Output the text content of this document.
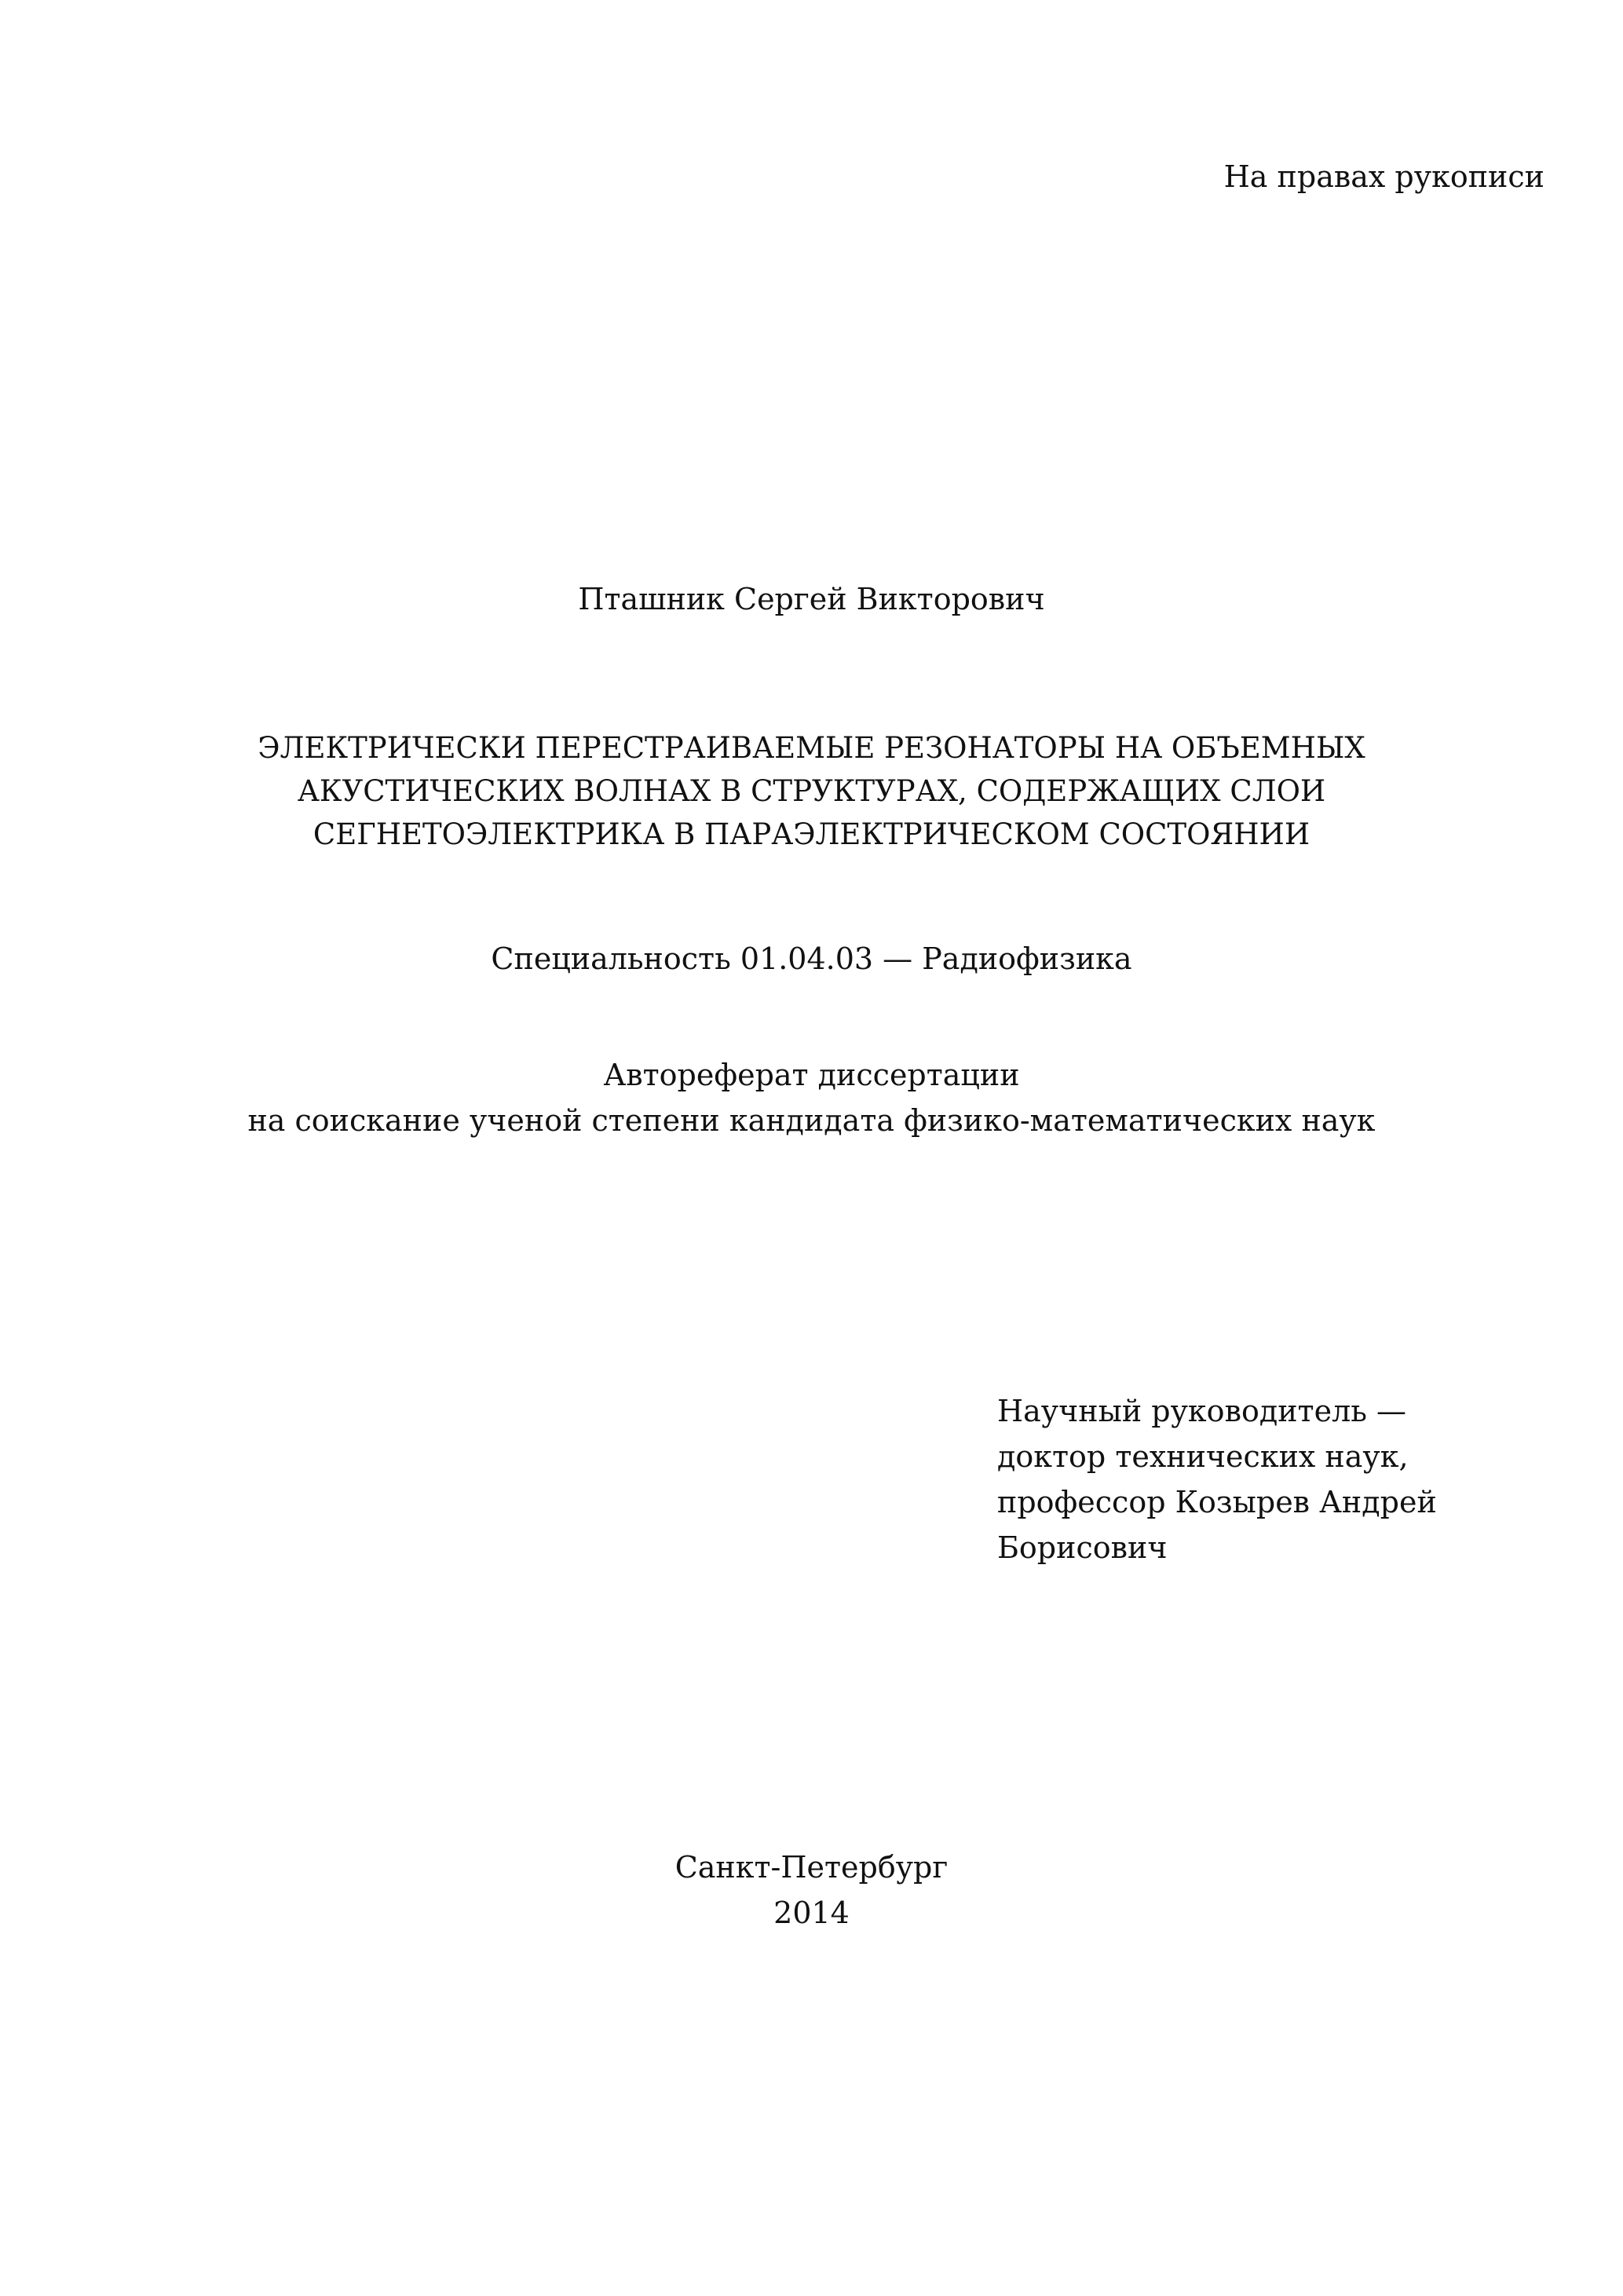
На правах рукописи
Пташник Сергей Викторович
ЭЛЕКТРИЧЕСКИ ПЕРЕСТРАИВАЕМЫЕ РЕЗОНАТОРЫ НА ОБЪЕМНЫХ
АКУСТИЧЕСКИХ ВОЛНАХ В СТРУКТУРАХ, СОДЕРЖАЩИХ СЛОИ
СЕГНЕТОЭЛЕКТРИКА В ПАРАЭЛЕКТРИЧЕСКОМ СОСТОЯНИИ
Специальность 01.04.03 — Радиофизика
Автореферат диссертации
на соискание ученой степени кандидата физико-математических наук
Научный руководитель —
доктор технических наук,
профессор Козырев Андрей
Борисович
Санкт-Петербург
2014
